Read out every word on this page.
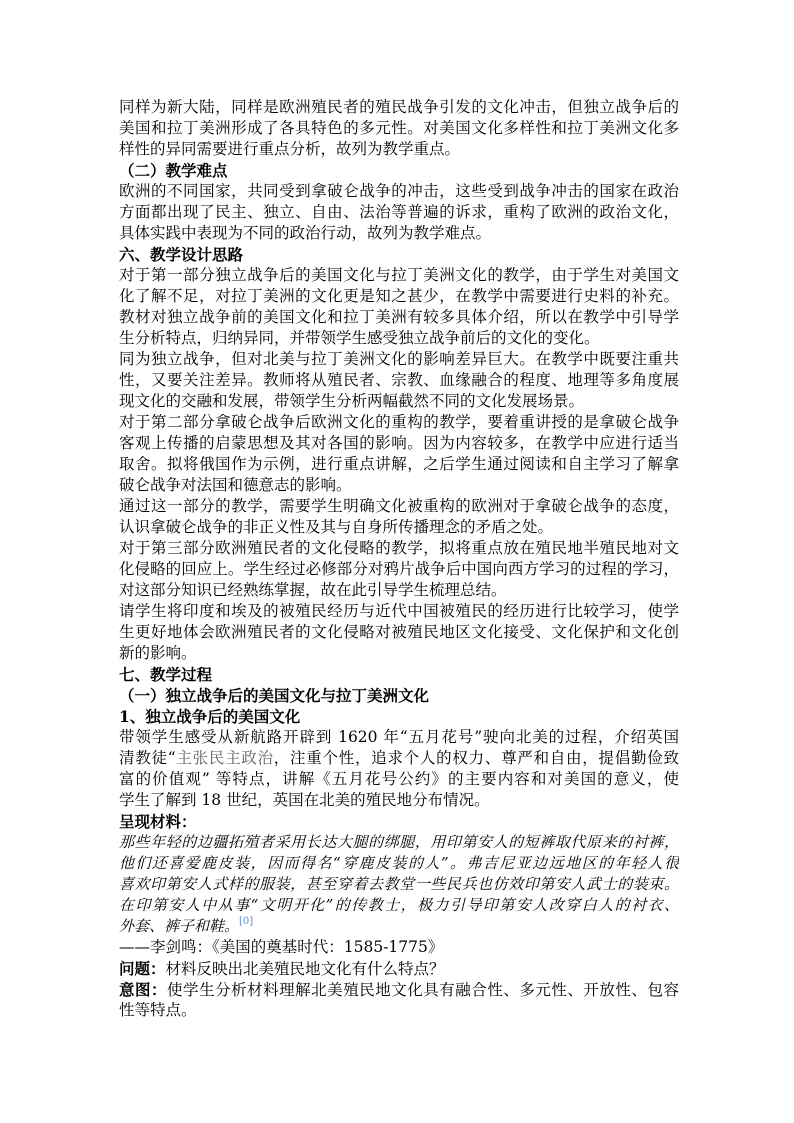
同样为新大陆，同样是欧洲殖民者的殖民战争引发的文化冲击，但独立战争后的
美国和拉丁美洲形成了各具特色的多元性。对美国文化多样性和拉丁美洲文化多
样性的异同需要进行重点分析，故列为教学重点。
（二）教学难点
欧洲的不同国家，共同受到拿破仑战争的冲击，这些受到战争冲击的国家在政治
方面都出现了民主、独立、自由、法治等普遍的诉求，重构了欧洲的政治文化，
具体实践中表现为不同的政治行动，故列为教学难点。
六、教学设计思路
对于第一部分独立战争后的美国文化与拉丁美洲文化的教学，由于学生对美国文
化了解不足，对拉丁美洲的文化更是知之甚少，在教学中需要进行史料的补充。
教材对独立战争前的美国文化和拉丁美洲有较多具体介绍，所以在教学中引导学
生分析特点，归纳异同，并带领学生感受独立战争前后的文化的变化。
同为独立战争，但对北美与拉丁美洲文化的影响差异巨大。在教学中既要注重共
性，又要关注差异。教师将从殖民者、宗教、血缘融合的程度、地理等多角度展
现文化的交融和发展，带领学生分析两幅截然不同的文化发展场景。
对于第二部分拿破仑战争后欧洲文化的重构的教学，要着重讲授的是拿破仑战争
客观上传播的启蒙思想及其对各国的影响。因为内容较多，在教学中应进行适当
取舍。拟将俄国作为示例，进行重点讲解，之后学生通过阅读和自主学习了解拿
破仑战争对法国和德意志的影响。
通过这一部分的教学，需要学生明确文化被重构的欧洲对于拿破仑战争的态度，
认识拿破仑战争的非正义性及其与自身所传播理念的矛盾之处。
对于第三部分欧洲殖民者的文化侵略的教学，拟将重点放在殖民地半殖民地对文
化侵略的回应上。学生经过必修部分对鸦片战争后中国向西方学习的过程的学习，
对这部分知识已经熟练掌握，故在此引导学生梳理总结。
请学生将印度和埃及的被殖民经历与近代中国被殖民的经历进行比较学习，使学
生更好地体会欧洲殖民者的文化侵略对被殖民地区文化接受、文化保护和文化创
新的影响。
七、教学过程
（一）独立战争后的美国文化与拉丁美洲文化
1、独立战争后的美国文化
带领学生感受从新航路开辟到 1620 年“五月花号”驶向北美的过程，介绍英国
清教徒“主张民主政治，注重个性，追求个人的权力、尊严和自由，提倡勤俭致
富的价值观” 等特点，讲解《五月花号公约》的主要内容和对美国的意义，使
学生了解到 18 世纪，英国在北美的殖民地分布情况。
呈现材料：
那些年轻的边疆拓殖者采用长达大腿的绑腿，用印第安人的短裤取代原来的衬裤，
他们还喜爱鹿皮装，因而得名“穿鹿皮装的人”。弗吉尼亚边远地区的年轻人很
喜欢印第安人式样的服装，甚至穿着去教堂一些民兵也仿效印第安人武士的装束。
在印第安人中从事“文明开化”的传教士，极力引导印第安人改穿白人的衬衣、
外套、裤子和鞋。[0]
——李剑鸣：《美国的奠基时代：1585-1775》
问题：材料反映出北美殖民地文化有什么特点？
意图：使学生分析材料理解北美殖民地文化具有融合性、多元性、开放性、包容
性等特点。
